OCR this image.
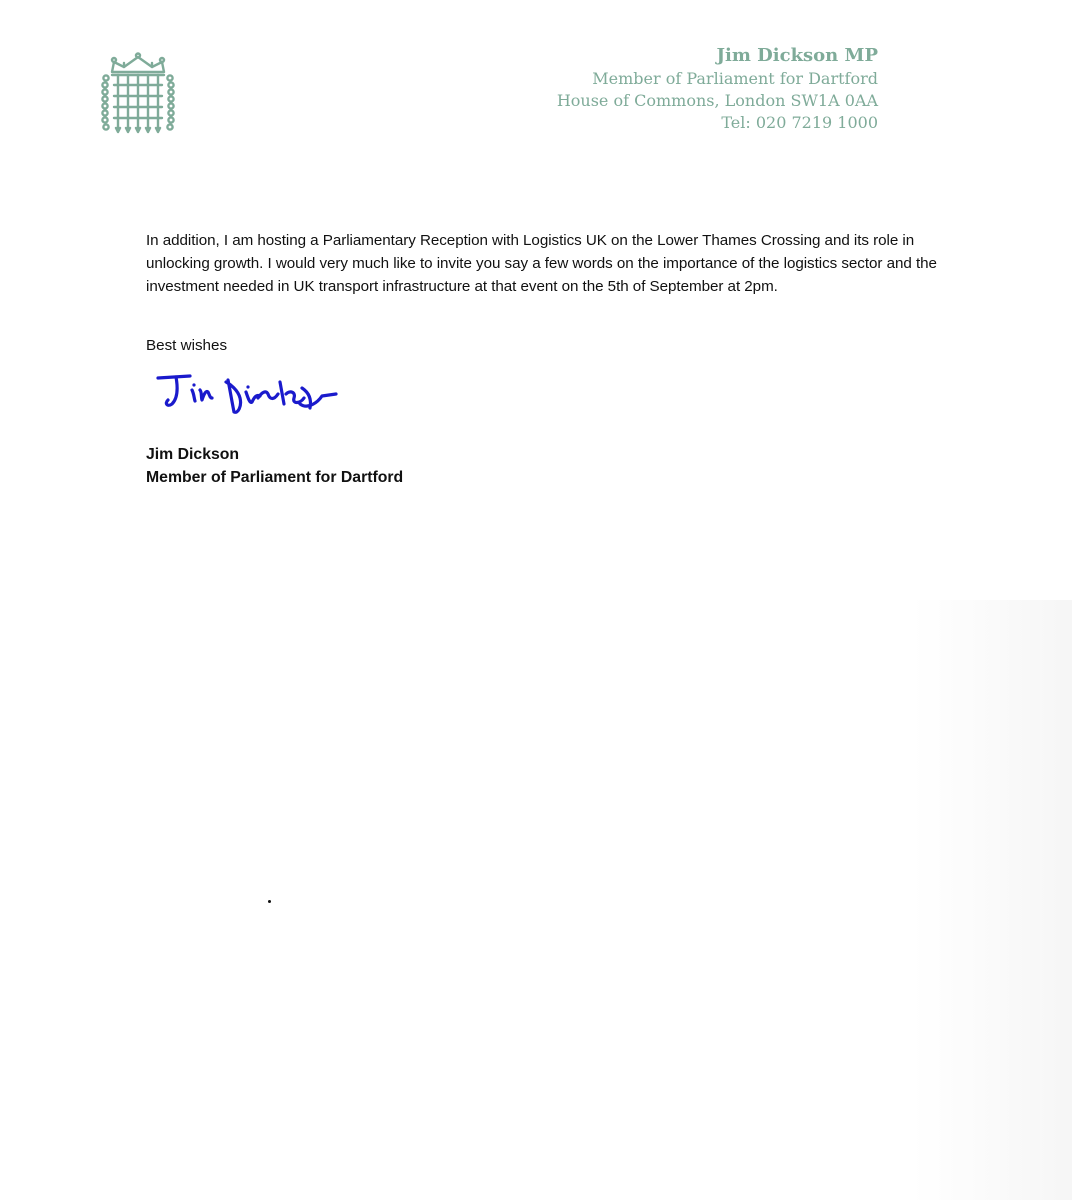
Jim Dickson MP
Member of Parliament for Dartford
House of Commons, London SW1A 0AA
Tel: 020 7219 1000

In addition, I am hosting a Parliamentary Reception with Logistics UK on the Lower Thames Crossing and its role in unlocking growth. I would very much like to invite you say a few words on the importance of the logistics sector and the investment needed in UK transport infrastructure at that event on the 5th of September at 2pm.

Best wishes
Jim Dickson
Member of Parliament for Dartford
